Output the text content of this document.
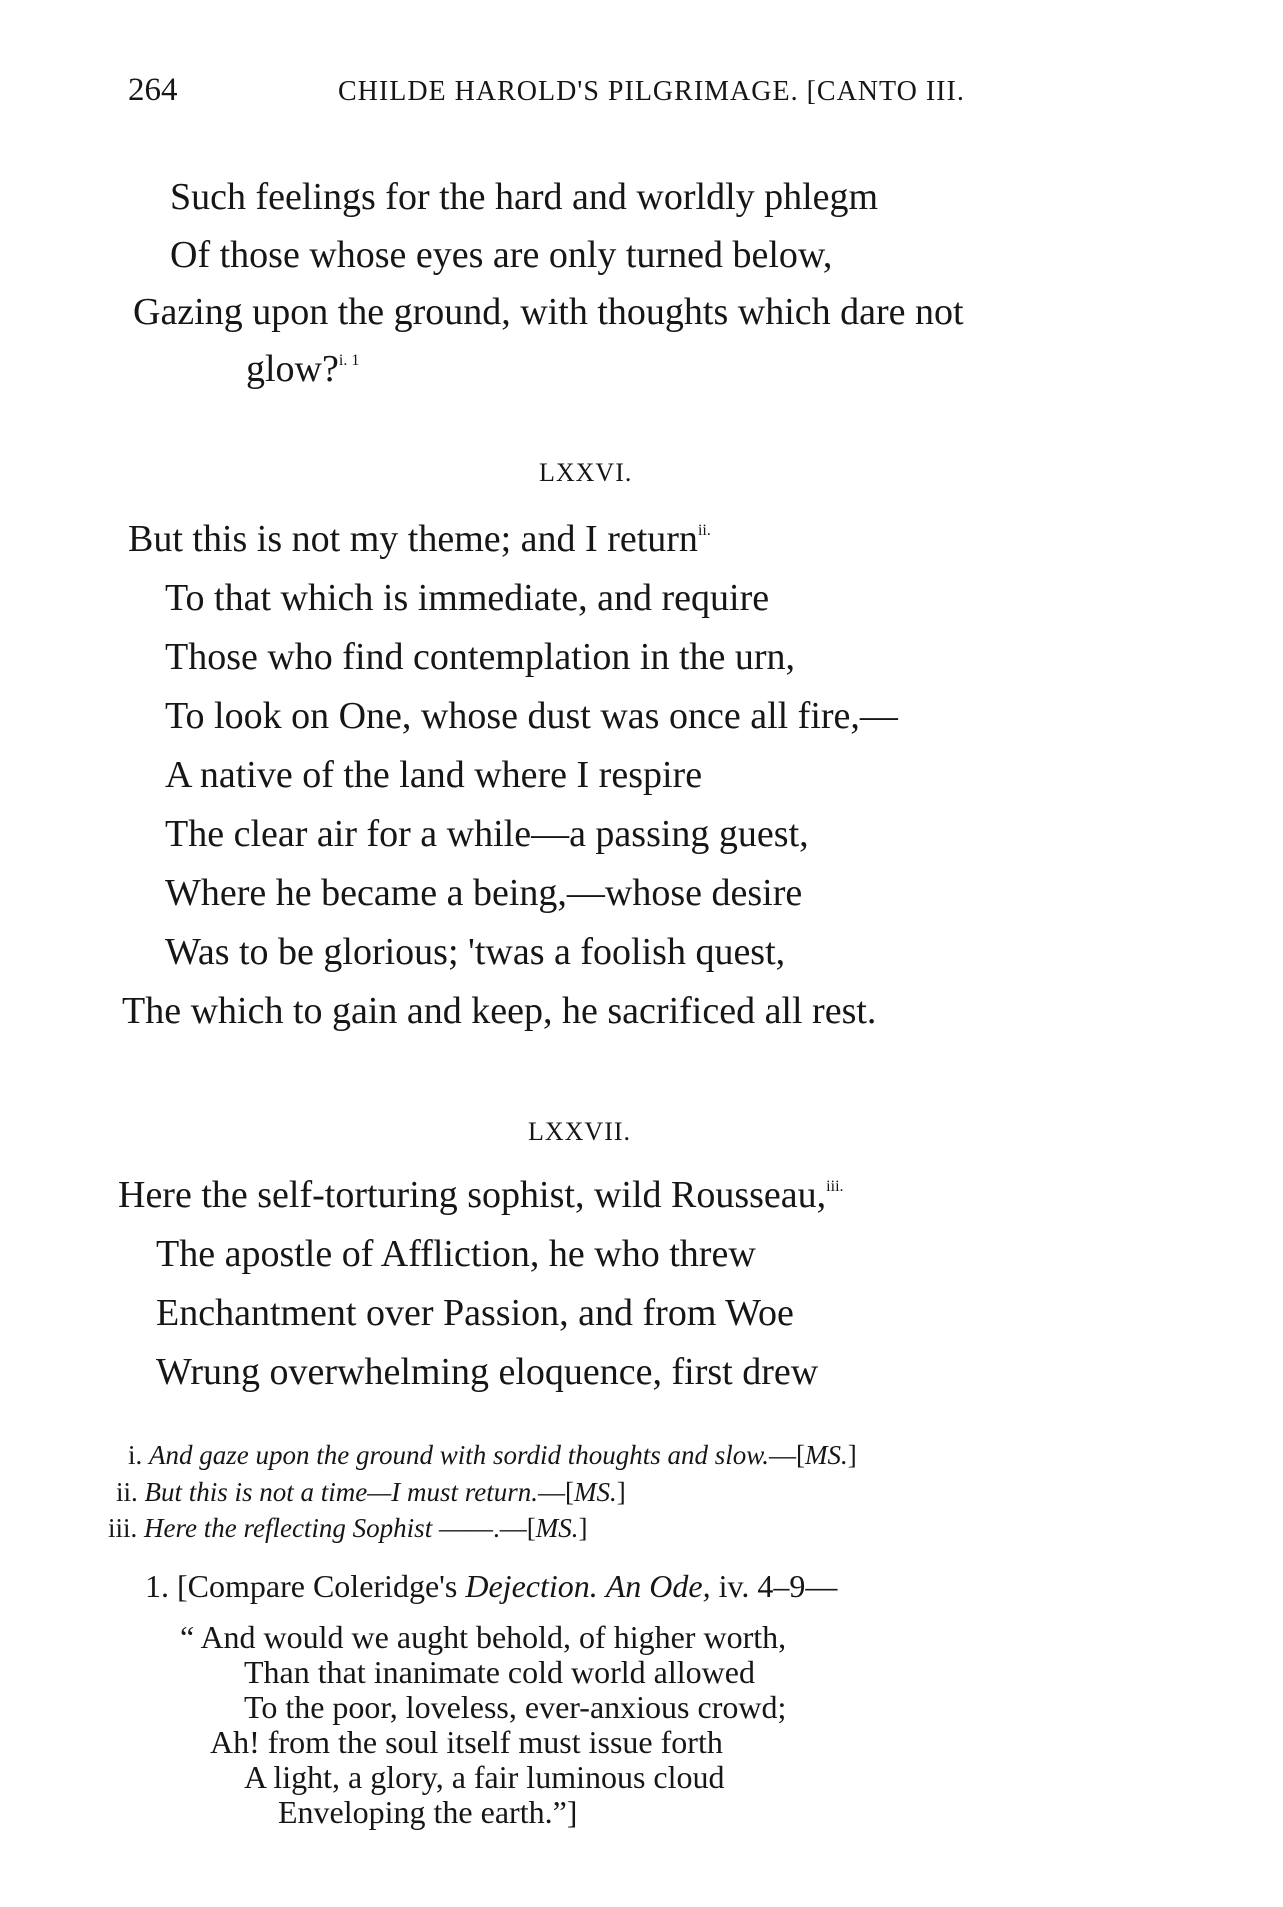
264	CHILDE HAROLD'S PILGRIMAGE. [CANTO III.
Such feelings for the hard and worldly phlegm
Of those whose eyes are only turned below,
Gazing upon the ground, with thoughts which dare not
glow?$^{i. 1}$
LXXVI.
But this is not my theme; and I return$^{ii.}$
To that which is immediate, and require
Those who find contemplation in the urn,
To look on One, whose dust was once all fire,—
A native of the land where I respire
The clear air for a while—a passing guest,
Where he became a being,—whose desire
Was to be glorious; 'twas a foolish quest,
The which to gain and keep, he sacrificed all rest.
LXXVII.
Here the self-torturing sophist, wild Rousseau,$^{iii.}$
The apostle of Affliction, he who threw
Enchantment over Passion, and from Woe
Wrung overwhelming eloquence, first drew
i. And gaze upon the ground with sordid thoughts and slow.—[MS.]
ii. But this is not a time—I must return.—[MS.]
iii. Here the reflecting Sophist ——.—[MS.]
1. [Compare Coleridge's Dejection. An Ode, iv. 4–9—
“ And would we aught behold, of higher worth,
Than that inanimate cold world allowed
To the poor, loveless, ever-anxious crowd;
Ah! from the soul itself must issue forth
A light, a glory, a fair luminous cloud
Enveloping the earth.”]
